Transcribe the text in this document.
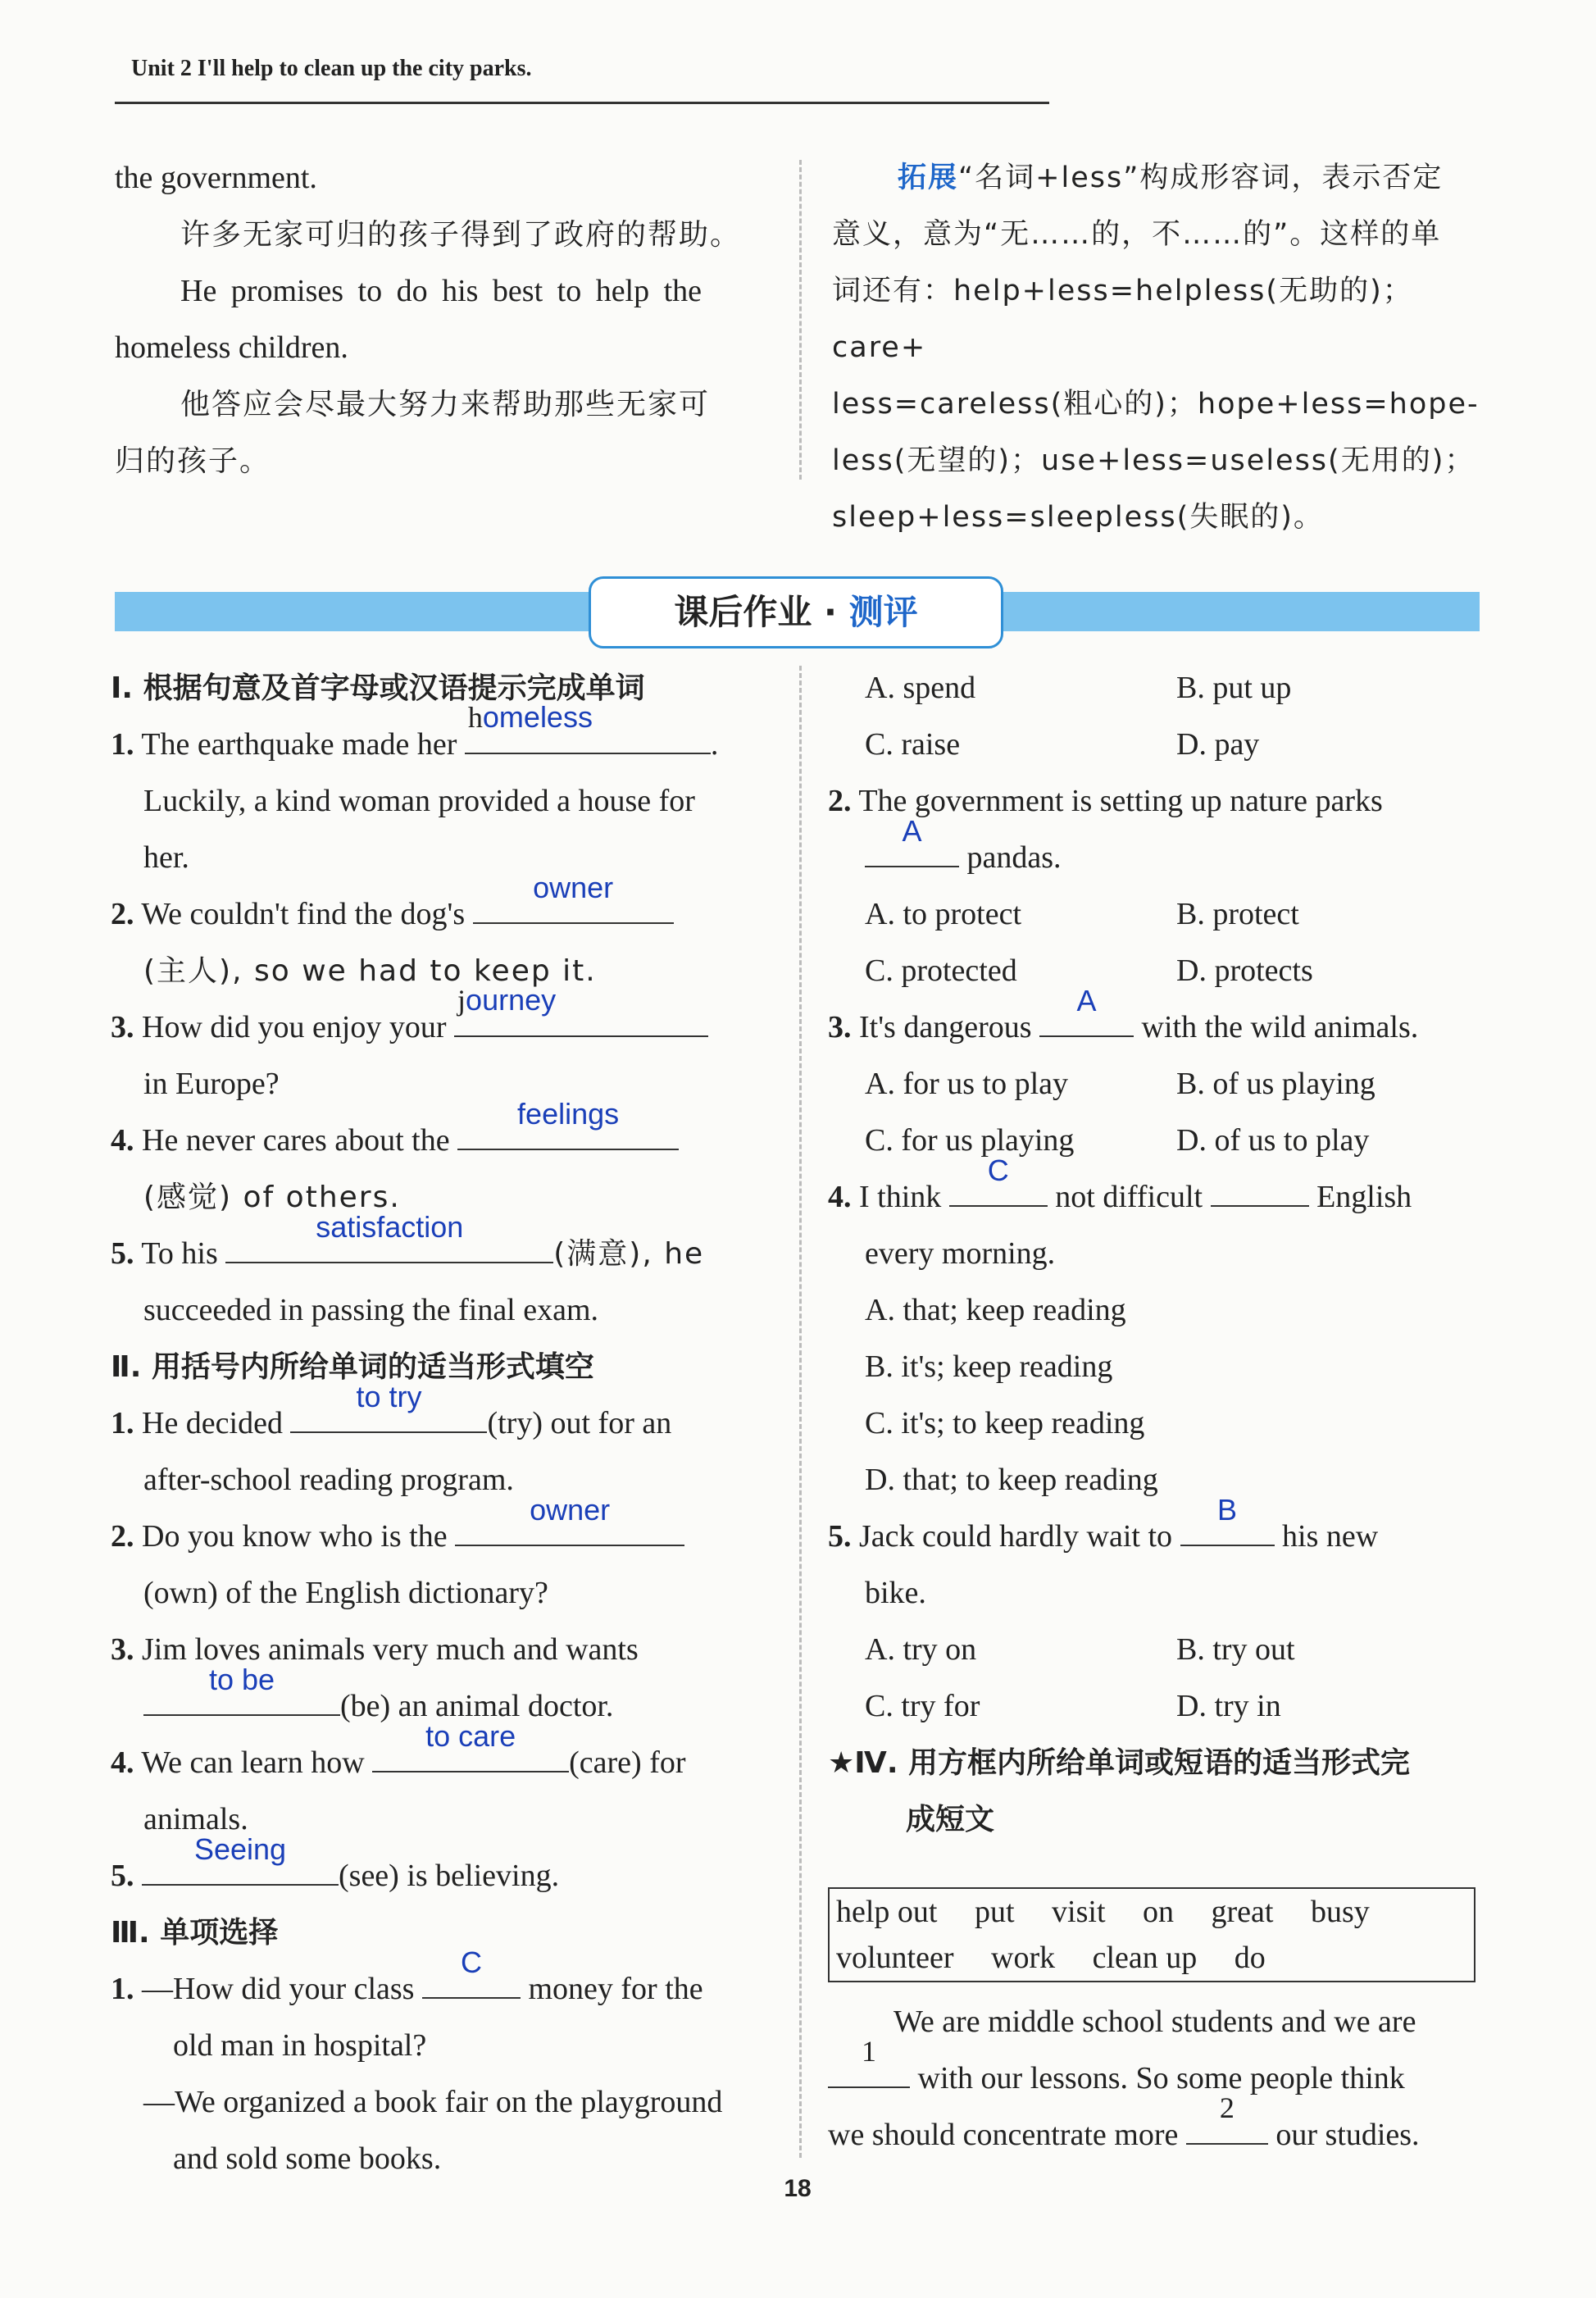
Unit 2 I'll help to clean up the city parks.

the government.

许多无家可归的孩子得到了政府的帮助。

He promises to do his best to help the

homeless children.

他答应会尽最大努力来帮助那些无家可

归的孩子。

拓展“名词+less”构成形容词，表示否定

意义，意为“无……的，不……的”。这样的单

词还有：help+less=helpless(无助的)；care+

less=careless(粗心的)；hope+less=hope-

less(无望的)；use+less=useless(无用的)；

sleep+less=sleepless(失眠的)。

课后作业 · 测评

Ⅰ. 根据句意及首字母或汉语提示完成单词

1. The earthquake made her
homeless
.

Luckily, a kind woman provided a house for

her.

2. We couldn't find the dog's
owner

(主人), so we had to keep it.

3. How did you enjoy your
journey

in Europe?

4. He never cares about the
feelings

(感觉) of others.

5. To his
satisfaction
(满意), he

succeeded in passing the final exam.

Ⅱ. 用括号内所给单词的适当形式填空

1. He decided
to try
(try) out for an

after-school reading program.

2. Do you know who is the
owner

(own) of the English dictionary?

3. Jim loves animals very much and wants

to be
(be) an animal doctor.

4. We can learn how
to care
(care) for

animals.

5.
Seeing
(see) is believing.

Ⅲ. 单项选择

1. —How did your class
C
money for the

old man in hospital?

—We organized a book fair on the playground

and sold some books.

A. spend	B. put up

C. raise	D. pay

2. The government is setting up nature parks

A
pandas.

A. to protect	B. protect

C. protected	D. protects

3. It's dangerous
A
with the wild animals.

A. for us to play	B. of us playing

C. for us playing	D. of us to play

4. I think
C
not difficult	English

every morning.

A. that; keep reading

B. it's; keep reading

C. it's; to keep reading

D. that; to keep reading

5. Jack could hardly wait to
B
his new

bike.

A. try on	B. try out

C. try for	D. try in

★Ⅳ. 用方框内所给单词或短语的适当形式完

成短文

help out put visit on great busy
volunteer work clean up do

We are middle school students and we are

1
with our lessons. So some people think

we should concentrate more
2
our studies.

18
